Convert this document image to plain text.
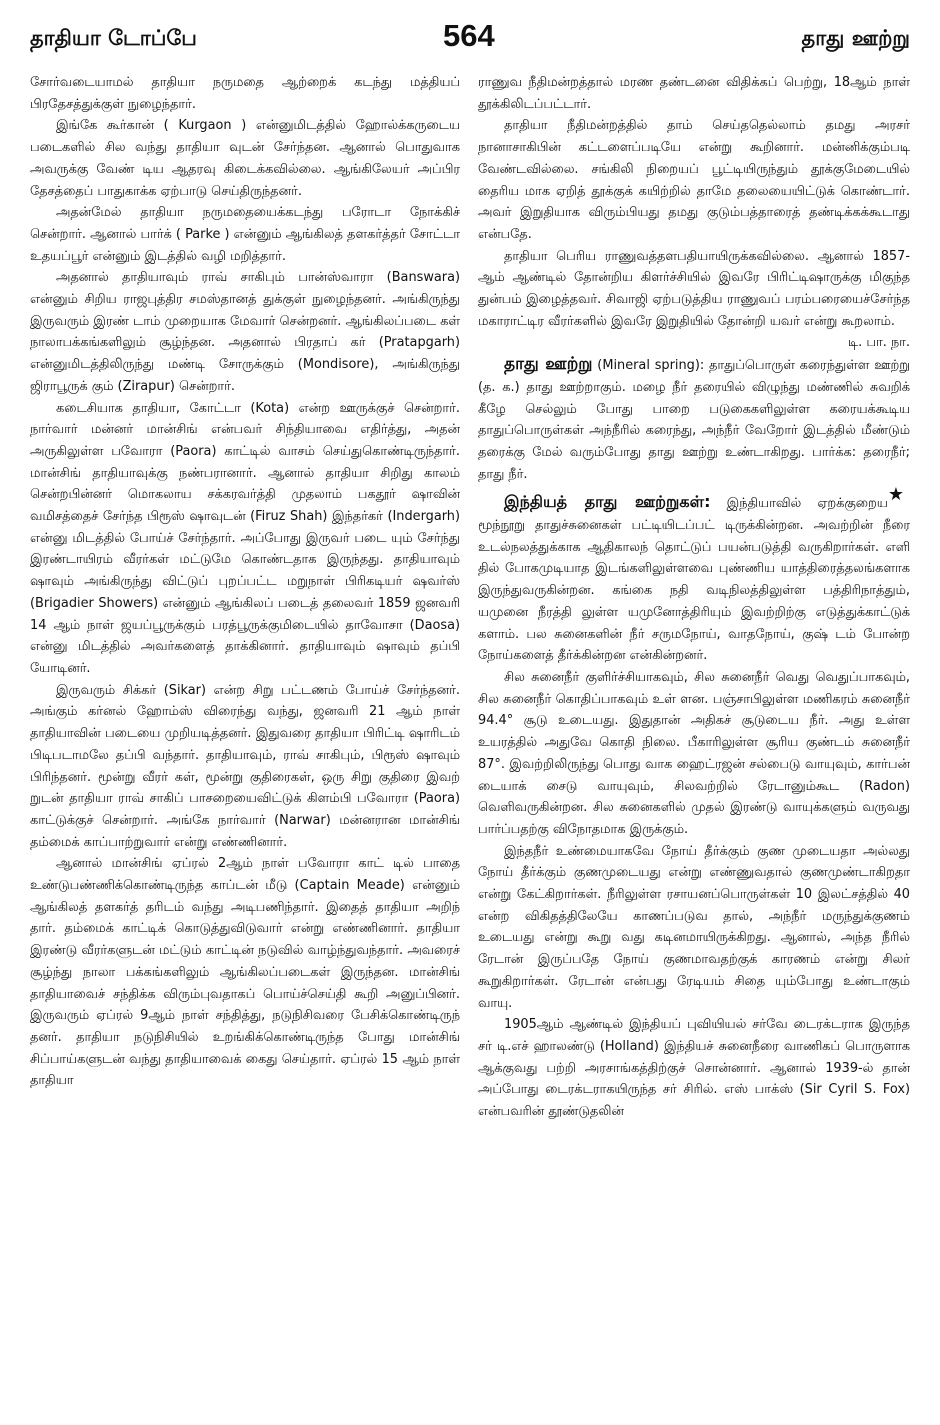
தாதியா டோப்பே	564	தாது ஊற்று

சோர்வடையாமல் தாதியா நருமதை ஆற்றைக் கடந்து மத்தியப் பிரதேசத்துக்குள் நுழைந்தார்.

இங்கே கூர்கான் ( Kurgaon ) என்னுமிடத்தில் ஹோல்க்கருடைய படைகளில் சில வந்து தாதியா வுடன் சேர்ந்தன. ஆனால் பொதுவாக அவருக்கு வேண் டிய ஆதரவு கிடைக்கவில்லை. ஆங்கிலேயர் அப்பிர தேசத்தைப் பாதுகாக்க ஏற்பாடு செய்திருந்தனர்.

அதன்மேல் தாதியா நருமதையைக்கடந்து பரோடா நோக்கிச் சென்றார். ஆனால் பார்க் ( Parke ) என்னும் ஆங்கிலத் தளகர்த்தர் சோட்டா உதயப்பூர் என்னும் இடத்தில் வழி மறித்தார்.

அதனால் தாதியாவும் ராவ் சாகிபும் பான்ஸ்வாரா (Banswara) என்னும் சிறிய ராஜபுத்திர சமஸ்தானத் துக்குள் நுழைந்தனர். அங்கிருந்து இருவரும் இரண் டாம் முறையாக மேவார் சென்றனர். ஆங்கிலப்படை கள் நாலாபக்கங்களிலும் சூழ்ந்தன. அதனால் பிரதாப் கர் (Pratapgarh) என்னுமிடத்திலிருந்து மண்டி சோருக்கும் (Mondisore), அங்கிருந்து ஜிராபூருக் கும் (Zirapur) சென்றார்.

கடைசியாக தாதியா, கோட்டா (Kota) என்ற ஊருக்குச் சென்றார். நார்வார் மன்னர் மான்சிங் என்பவர் சிந்தியாவை எதிர்த்து, அதன் அருகிலுள்ள பவோரா (Paora) காட்டில் வாசம் செய்துகொண்டிருந்தார். மான்சிங் தாதியாவுக்கு நண்பரானார். ஆனால் தாதியா சிறிது காலம் சென்றபின்னர் மொகலாய சக்கரவர்த்தி முதலாம் பகதூர் ஷாவின் வமிசத்தைச் சேர்ந்த பிரூஸ் ஷாவுடன் (Firuz Shah) இந்தர்கர் (Indergarh) என்னு மிடத்தில் போய்ச் சேர்ந்தார். அப்போது இருவர் படை யும் சேர்ந்து இரண்டாயிரம் வீரர்கள் மட்டுமே கொண்டதாக இருந்தது. தாதியாவும் ஷாவும் அங்கிருந்து விட்டுப் புறப்பட்ட மறுநாள் பிரிகடியர் ஷவர்ஸ் (Brigadier Showers) என்னும் ஆங்கிலப் படைத் தலைவர் 1859 ஜனவரி 14 ஆம் நாள் ஜயப்பூருக்கும் பரத்பூருக்குமிடையில் தாவோசா (Daosa) என்னு மிடத்தில் அவர்களைத் தாக்கினார். தாதியாவும் ஷாவும் தப்பி யோடினர்.

இருவரும் சிக்கர் (Sikar) என்ற சிறு பட்டணம் போய்ச் சேர்ந்தனர். அங்கும் கர்னல் ஹோம்ஸ் விரைந்து வந்து, ஜனவரி 21 ஆம் நாள் தாதியாவின் படையை முறியடித்தனர். இதுவரை தாதியா பிரிட்டி ஷாரிடம் பிடிபடாமலே தப்பி வந்தார். தாதியாவும், ராவ் சாகிபும், பிரூஸ் ஷாவும் பிரிந்தனர். மூன்று வீரர் கள், மூன்று குதிரைகள், ஒரு சிறு குதிரை இவற் றுடன் தாதியா ராவ் சாகிப் பாசறையைவிட்டுக் கிளம்பி பவோரா (Paora) காட்டுக்குச் சென்றார். அங்கே நார்வார் (Narwar) மன்னரான மான்சிங் தம்மைக் காப்பாற்றுவார் என்று எண்ணினார்.

ஆனால் மான்சிங் ஏப்ரல் 2ஆம் நாள் பவோரா காட் டில் பாதை உண்டுபண்ணிக்கொண்டிருந்த காப்டன் மீடு (Captain Meade) என்னும் ஆங்கிலத் தளகர்த் தரிடம் வந்து அடிபணிந்தார். இதைத் தாதியா அறிந் தார். தம்மைக் காட்டிக் கொடுத்துவிடுவார் என்று எண்ணினார். தாதியா இரண்டு வீரர்களுடன் மட்டும் காட்டின் நடுவில் வாழ்ந்துவந்தார். அவரைச் சூழ்ந்து நாலா பக்கங்களிலும் ஆங்கிலப்படைகள் இருந்தன. மான்சிங் தாதியாவைச் சந்திக்க விரும்புவதாகப் பொய்ச்செய்தி கூறி அனுப்பினர். இருவரும் ஏப்ரல் 9ஆம் நாள் சந்தித்து, நடுநிசிவரை பேசிக்கொண்டிருந் தனர். தாதியா நடுநிசியில் உறங்கிக்கொண்டிருந்த போது மான்சிங் சிப்பாய்களுடன் வந்து தாதியாவைக் கைது செய்தார். ஏப்ரல் 15 ஆம் நாள் தாதியா

ராணுவ நீதிமன்றத்தால் மரண தண்டனை விதிக்கப் பெற்று, 18ஆம் நாள் தூக்கிலிடப்பட்டார்.

தாதியா நீதிமன்றத்தில் தாம் செய்ததெல்லாம் தமது அரசர் நானாசாகிபின் கட்டளைப்படியே என்று கூறினார். மன்னிக்கும்படி வேண்டவில்லை. சங்கிலி நிறையப் பூட்டியிருந்தும் தூக்குமேடையில் தைரிய மாக ஏறித் தூக்குக் கயிற்றில் தாமே தலையையிட்டுக் கொண்டார். அவர் இறுதியாக விரும்பியது தமது குடும்பத்தாரைத் தண்டிக்கக்கூடாது என்பதே.

தாதியா பெரிய ராணுவத்தளபதியாயிருக்கவில்லை. ஆனால் 1857-ஆம் ஆண்டில் தோன்றிய கிளர்ச்சியில் இவரே பிரிட்டிஷாருக்கு மிகுந்த துன்பம் இழைத்தவர். சிவாஜி ஏற்படுத்திய ராணுவப் பரம்பரையைச்சேர்ந்த மகாராட்டிர வீரர்களில் இவரே இறுதியில் தோன்றி யவர் என்று கூறலாம்.

டி. பா. நா.

தாது ஊற்று (Mineral spring): தாதுப்பொருள் கரைந்துள்ள ஊற்று (த. க.) தாது ஊற்றாகும். மழை நீர் தரையில் விழுந்து மண்ணில் சுவறிக் கீழே செல்லும் போது பாறை படுகைகளிலுள்ள கரையக்கூடிய தாதுப்பொருள்கள் அந்நீரில் கரைந்து, அந்நீர் வேறோர் இடத்தில் மீண்டும் தரைக்கு மேல் வரும்போது தாது ஊற்று உண்டாகிறது. பார்க்க: தரைநீர்; தாது நீர்.

★

இந்தியத் தாது ஊற்றுகள்: இந்தியாவில் ஏறக்குறைய மூந்நூறு தாதுச்சுனைகள் பட்டியிடப்பட் டிருக்கின்றன. அவற்றின் நீரை உடல்நலத்துக்காக ஆதிகாலந் தொட்டுப் பயன்படுத்தி வருகிறார்கள். எளி தில் போகமுடியாத இடங்களிலுள்ளவை புண்ணிய யாத்திரைத்தலங்களாக இருந்துவருகின்றன. கங்கை நதி வடிநிலத்திலுள்ள பத்திரிநாத்தும், யமுனை நீரத்தி லுள்ள யமுனோத்திரியும் இவற்றிற்கு எடுத்துக்காட்டுக் களாம். பல சுனைகளின் நீர் சருமநோய், வாதநோய், குஷ் டம் போன்ற நோய்களைத் தீர்க்கின்றன என்கின்றனர்.

சில சுனைநீர் குளிர்ச்சியாகவும், சில சுனைநீர் வெது வெதுப்பாகவும், சில சுனைநீர் கொதிப்பாகவும் உள் ளன. பஞ்சாபிலுள்ள மணிகரம் சுனைநீர் 94.4° சூடு உடையது. இதுதான் அதிகச் சூடுடைய நீர். அது உள்ள உயரத்தில் அதுவே கொதி நிலை. பீகாரிலுள்ள சூரிய குண்டம் சுனைநீர் 87°. இவற்றிலிருந்து பொது வாக ஹைட்ரஜன் சல்பைடு வாயுவும், கார்பன் டையாக் சைடு வாயுவும், சிலவற்றில் ரேடானும்கூட (Radon) வெளிவருகின்றன. சில சுனைகளில் முதல் இரண்டு வாயுக்களும் வருவது பார்ப்பதற்கு விநோதமாக இருக்கும்.

இந்தநீர் உண்மையாகவே நோய் தீர்க்கும் குண முடையதா அல்லது நோய் தீர்க்கும் குணமுடையது என்று எண்ணுவதால் குணமுண்டாகிறதா என்று கேட்கிறார்கள். நீரிலுள்ள ரசாயனப்பொருள்கள் 10 இலட்சத்தில் 40 என்ற விகிதத்திலேயே காணப்படுவ தால், அந்நீர் மருந்துக்குணம் உடையது என்று கூறு வது கடினமாயிருக்கிறது. ஆனால், அந்த நீரில் ரேடான் இருப்பதே நோய் குணமாவதற்குக் காரணம் என்று சிலர் கூறுகிறார்கள். ரேடான் என்பது ரேடியம் சிதை யும்போது உண்டாகும் வாயு.

1905ஆம் ஆண்டில் இந்தியப் புவியியல் சர்வே டைரக்டராக இருந்த சர் டி.எச் ஹாலண்டு (Holland) இந்தியச் சுனைநீரை வாணிகப் பொருளாக ஆக்குவது பற்றி அரசாங்கத்திற்குச் சொன்னார். ஆனால் 1939-ல் தான் அப்போது டைரக்டராகயிருந்த சர் சிரில். எஸ் பாக்ஸ் (Sir Cyril S. Fox) என்பவரின் தூண்டுதலின்
